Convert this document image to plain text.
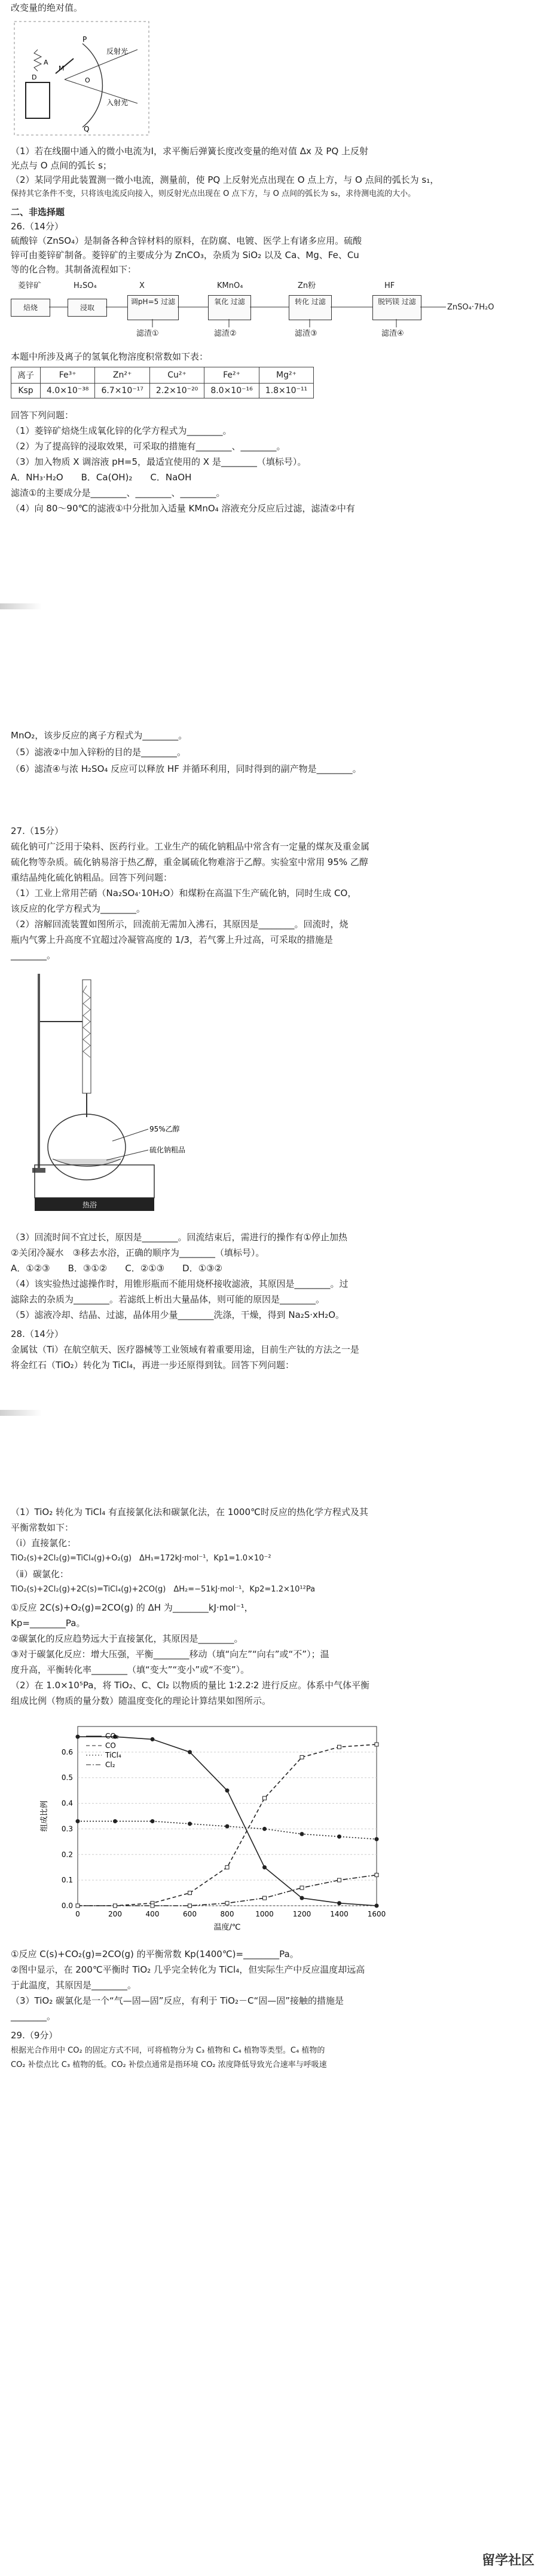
改变量的绝对值。
P
反射光
入射光
Q
M
A
O
D
（1）若在线圈中通入的微小电流为I，求平衡后弹簧长度改变量的绝对值 Δx 及 PQ 上反射
光点与 O 点间的弧长 s；
（2）某同学用此装置测一微小电流，测量前，使 PQ 上反射光点出现在 O 点上方，与 O 点间的弧长为 s₁，
保持其它条件不变，只将该电流反向接入，则反射光点出现在 O 点下方，与 O 点间的弧长为 s₂，求待测电流的大小。
二、非选择题
26.（14分）
硫酸锌（ZnSO₄）是制备各种含锌材料的原料，在防腐、电镀、医学上有诸多应用。硫酸
锌可由菱锌矿制备。菱锌矿的主要成分为 ZnCO₃，杂质为 SiO₂ 以及 Ca、Mg、Fe、Cu
等的化合物。其制备流程如下：
菱锌矿
焙烧
H₂SO₄
浸取
X
调pH=5 过滤
KMnO₄
氧化 过滤
Zn粉
转化 过滤
HF
脱钙镁 过滤
ZnSO₄·7H₂O
滤渣①	滤渣②	滤渣③	滤渣④
本题中所涉及离子的氢氧化物溶度积常数如下表：
离子	Fe³⁺	Zn²⁺	Cu²⁺	Fe²⁺	Mg²⁺
Ksp	4.0×10⁻³⁸	6.7×10⁻¹⁷	2.2×10⁻²⁰	8.0×10⁻¹⁶	1.8×10⁻¹¹
回答下列问题：
（1）菱锌矿焙烧生成氧化锌的化学方程式为________。
（2）为了提高锌的浸取效果，可采取的措施有________、________。
（3）加入物质 X 调溶液 pH=5，最适宜使用的 X 是________（填标号）。
A．NH₃·H₂O　　B．Ca(OH)₂　　C．NaOH
滤渣①的主要成分是________、________、________。
（4）向 80～90℃的滤液①中分批加入适量 KMnO₄ 溶液充分反应后过滤，滤渣②中有
MnO₂，该步反应的离子方程式为________。
（5）滤液②中加入锌粉的目的是________。
（6）滤渣④与浓 H₂SO₄ 反应可以释放 HF 并循环利用，同时得到的副产物是________。
27.（15分）
硫化钠可广泛用于染料、医药行业。工业生产的硫化钠粗品中常含有一定量的煤灰及重金属
硫化物等杂质。硫化钠易溶于热乙醇，重金属硫化物难溶于乙醇。实验室中常用 95% 乙醇
重结晶纯化硫化钠粗品。回答下列问题：
（1）工业上常用芒硝（Na₂SO₄·10H₂O）和煤粉在高温下生产硫化钠，同时生成 CO，
该反应的化学方程式为________。
（2）溶解回流装置如图所示，回流前无需加入沸石，其原因是________。回流时，烧
瓶内气雾上升高度不宜超过冷凝管高度的 1/3，若气雾上升过高，可采取的措施是
________。
95%乙醇
硫化钠粗品
热浴
（3）回流时间不宜过长，原因是________。回流结束后，需进行的操作有①停止加热
②关闭冷凝水　③移去水浴，正确的顺序为________（填标号）。
A．①②③　　B．③①②　　C．②①③　　D．①③②
（4）该实验热过滤操作时，用锥形瓶而不能用烧杯接收滤液，其原因是________。过
滤除去的杂质为________。若滤纸上析出大量晶体，则可能的原因是________。
（5）滤液冷却、结晶、过滤，晶体用少量________洗涤，干燥，得到 Na₂S·xH₂O。
28.（14分）
金属钛（Ti）在航空航天、医疗器械等工业领域有着重要用途，目前生产钛的方法之一是
将金红石（TiO₂）转化为 TiCl₄，再进一步还原得到钛。回答下列问题：
（1）TiO₂ 转化为 TiCl₄ 有直接氯化法和碳氯化法，在 1000℃时反应的热化学方程式及其
平衡常数如下：
（ⅰ）直接氯化：
TiO₂(s)+2Cl₂(g)=TiCl₄(g)+O₂(g)　ΔH₁=172kJ·mol⁻¹，Kp1=1.0×10⁻²
（ⅱ）碳氯化：
TiO₂(s)+2Cl₂(g)+2C(s)=TiCl₄(g)+2CO(g)　ΔH₂=−51kJ·mol⁻¹，Kp2=1.2×10¹²Pa
①反应 2C(s)+O₂(g)=2CO(g) 的 ΔH 为________kJ·mol⁻¹，
Kp=________Pa。
②碳氯化的反应趋势远大于直接氯化，其原因是________。
③对于碳氯化反应：增大压强，平衡________移动（填“向左”“向右”或“不”）；温
度升高，平衡转化率________（填“变大”“变小”或“不变”）。
（2）在 1.0×10⁵Pa，将 TiO₂、C、Cl₂ 以物质的量比 1∶2.2∶2 进行反应。体系中气体平衡
组成比例（物质的量分数）随温度变化的理论计算结果如图所示。
0.0
0.1
0.2
0.3
0.4
0.5
0.6
0	200	400	600	800	1000	1200	1400	1600
温度/℃
组成比例
CO₂
CO
TiCl₄
Cl₂
①反应 C(s)+CO₂(g)=2CO(g) 的平衡常数 Kp(1400℃)=________Pa。
②图中显示，在 200℃平衡时 TiO₂ 几乎完全转化为 TiCl₄，但实际生产中反应温度却远高
于此温度，其原因是________。
（3）TiO₂ 碳氯化是一个“气—固—固”反应，有利于 TiO₂－C“固—固”接触的措施是
________。
29.（9分）
根据光合作用中 CO₂ 的固定方式不同，可将植物分为 C₃ 植物和 C₄ 植物等类型。C₄ 植物的
CO₂ 补偿点比 C₃ 植物的低。CO₂ 补偿点通常是指环境 CO₂ 浓度降低导致光合速率与呼吸速
留学社区
